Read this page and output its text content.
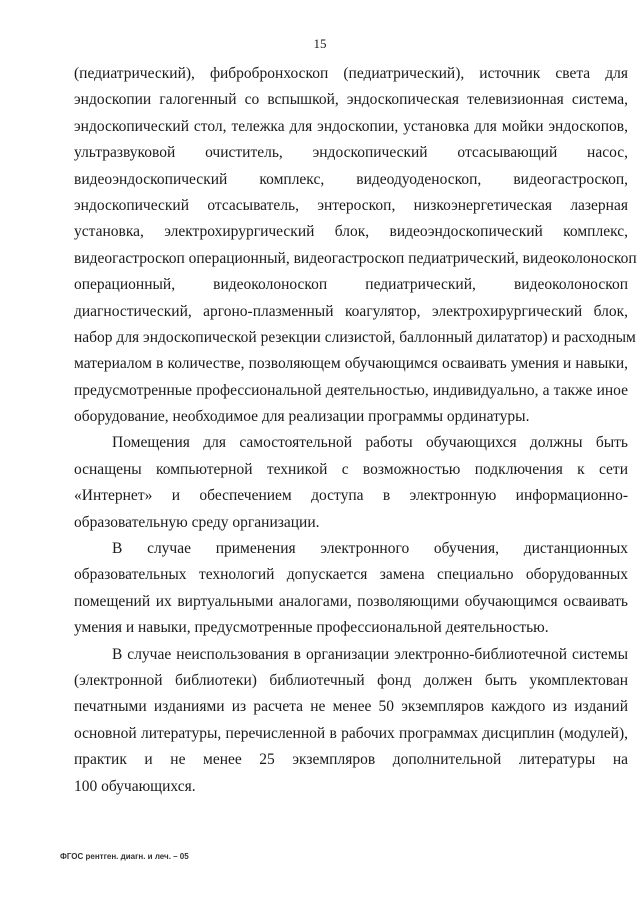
15

(педиатрический), фибробронхоскоп (педиатрический), источник света для
эндоскопии галогенный со вспышкой, эндоскопическая телевизионная система,
эндоскопический стол, тележка для эндоскопии, установка для мойки эндоскопов,
ультразвуковой очиститель, эндоскопический отсасывающий насос,
видеоэндоскопический комплекс, видеодуоденоскоп, видеогастроскоп,
эндоскопический отсасыватель, энтероскоп, низкоэнергетическая лазерная
установка, электрохирургический блок, видеоэндоскопический комплекс,
видеогастроскоп операционный, видеогастроскоп педиатрический, видеоколоноскоп
операционный, видеоколоноскоп педиатрический, видеоколоноскоп
диагностический, аргоно-плазменный коагулятор, электрохирургический блок,
набор для эндоскопической резекции слизистой, баллонный дилататор) и расходным
материалом в количестве, позволяющем обучающимся осваивать умения и навыки,
предусмотренные профессиональной деятельностью, индивидуально, а также иное
оборудование, необходимое для реализации программы ординатуры.

Помещения для самостоятельной работы обучающихся должны быть
оснащены компьютерной техникой с возможностью подключения к сети
«Интернет» и обеспечением доступа в электронную информационно-
образовательную среду организации.

В случае применения электронного обучения, дистанционных
образовательных технологий допускается замена специально оборудованных
помещений их виртуальными аналогами, позволяющими обучающимся осваивать
умения и навыки, предусмотренные профессиональной деятельностью.

В случае неиспользования в организации электронно-библиотечной системы
(электронной библиотеки) библиотечный фонд должен быть укомплектован
печатными изданиями из расчета не менее 50 экземпляров каждого из изданий
основной литературы, перечисленной в рабочих программах дисциплин (модулей),
практик и не менее 25 экземпляров дополнительной литературы на
100 обучающихся.

ФГОС рентген. диагн. и леч. – 05
